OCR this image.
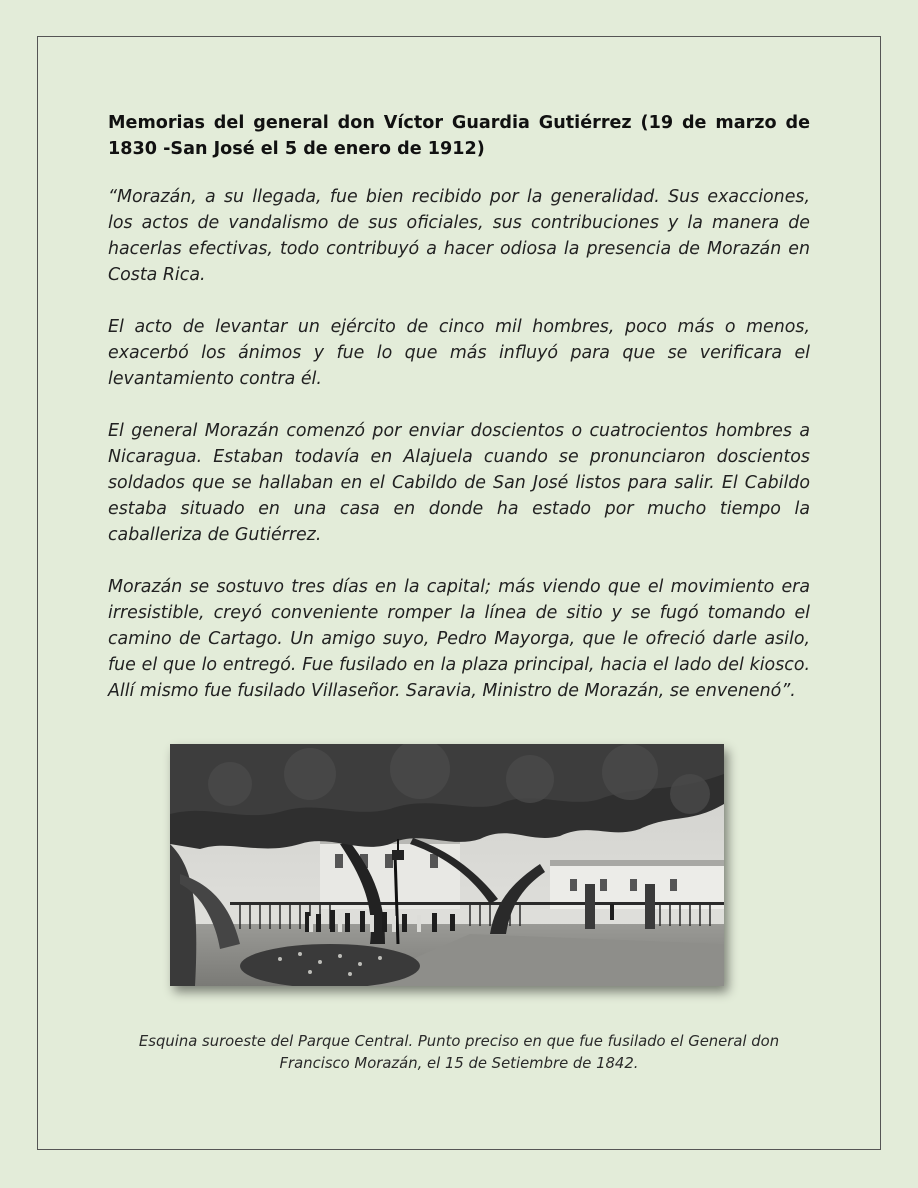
Memorias del general don Víctor Guardia Gutiérrez (19 de marzo de 1830 -San José el 5 de enero de 1912)

“Morazán, a su llegada, fue bien recibido por la generalidad. Sus exacciones, los actos de vandalismo de sus oficiales, sus contribuciones y la manera de hacerlas efectivas, todo contribuyó a hacer odiosa la presencia de Morazán en Costa Rica.

El acto de levantar un ejército de cinco mil hombres, poco más o menos, exacerbó los ánimos y fue lo que más influyó para que se verificara el levantamiento contra él.

El general Morazán comenzó por enviar doscientos o cuatrocientos hombres a Nicaragua. Estaban todavía en Alajuela cuando se pronunciaron doscientos soldados que se hallaban en el Cabildo de San José listos para salir. El Cabildo estaba situado en una casa en donde ha estado por mucho tiempo la caballeriza de Gutiérrez.

Morazán se sostuvo tres días en la capital; más viendo que el movimiento era irresistible, creyó conveniente romper la línea de sitio y se fugó tomando el camino de Cartago. Un amigo suyo, Pedro Mayorga, que le ofreció darle asilo, fue el que lo entregó. Fue fusilado en la plaza principal, hacia el lado del kiosco. Allí mismo fue fusilado Villaseñor. Saravia, Ministro de Morazán, se envenenó”.

Esquina suroeste del Parque Central. Punto preciso en que fue fusilado el General don Francisco Morazán, el 15 de Setiembre de 1842.
